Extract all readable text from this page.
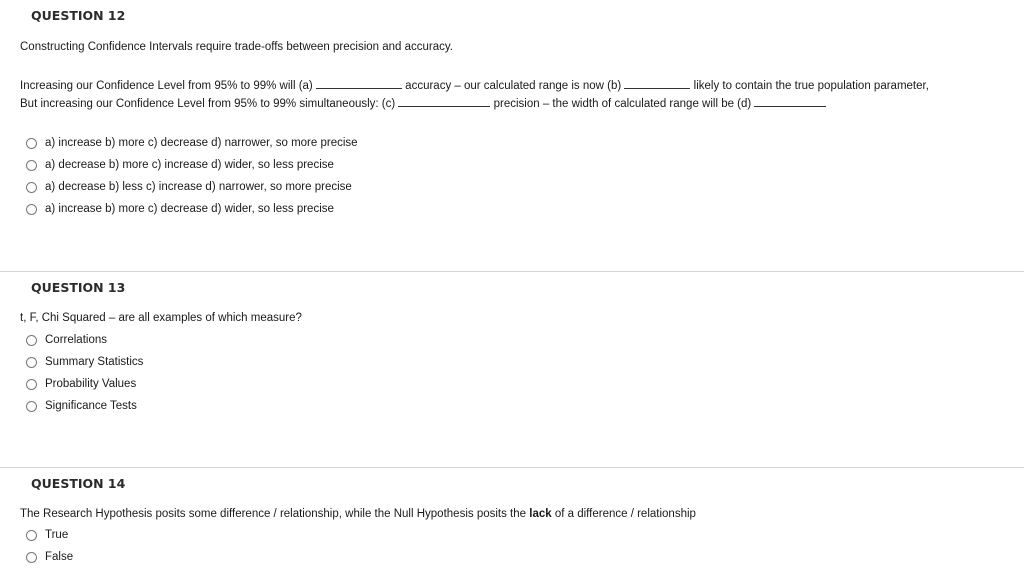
QUESTION 12
Constructing Confidence Intervals require trade-offs between precision and accuracy.
Increasing our Confidence Level from 95% to 99% will (a)	accuracy – our calculated range is now (b)	likely to contain the true population parameter,
But increasing our Confidence Level from 95% to 99% simultaneously: (c)	precision – the width of calculated range will be (d)
a) increase b) more c) decrease d) narrower, so more precise
a) decrease b) more c) increase d) wider, so less precise
a) decrease b) less c) increase d) narrower, so more precise
a) increase b) more c) decrease d) wider, so less precise
QUESTION 13
t, F, Chi Squared – are all examples of which measure?
Correlations
Summary Statistics
Probability Values
Significance Tests
QUESTION 14
The Research Hypothesis posits some difference / relationship, while the Null Hypothesis posits the lack of a difference / relationship
True
False
